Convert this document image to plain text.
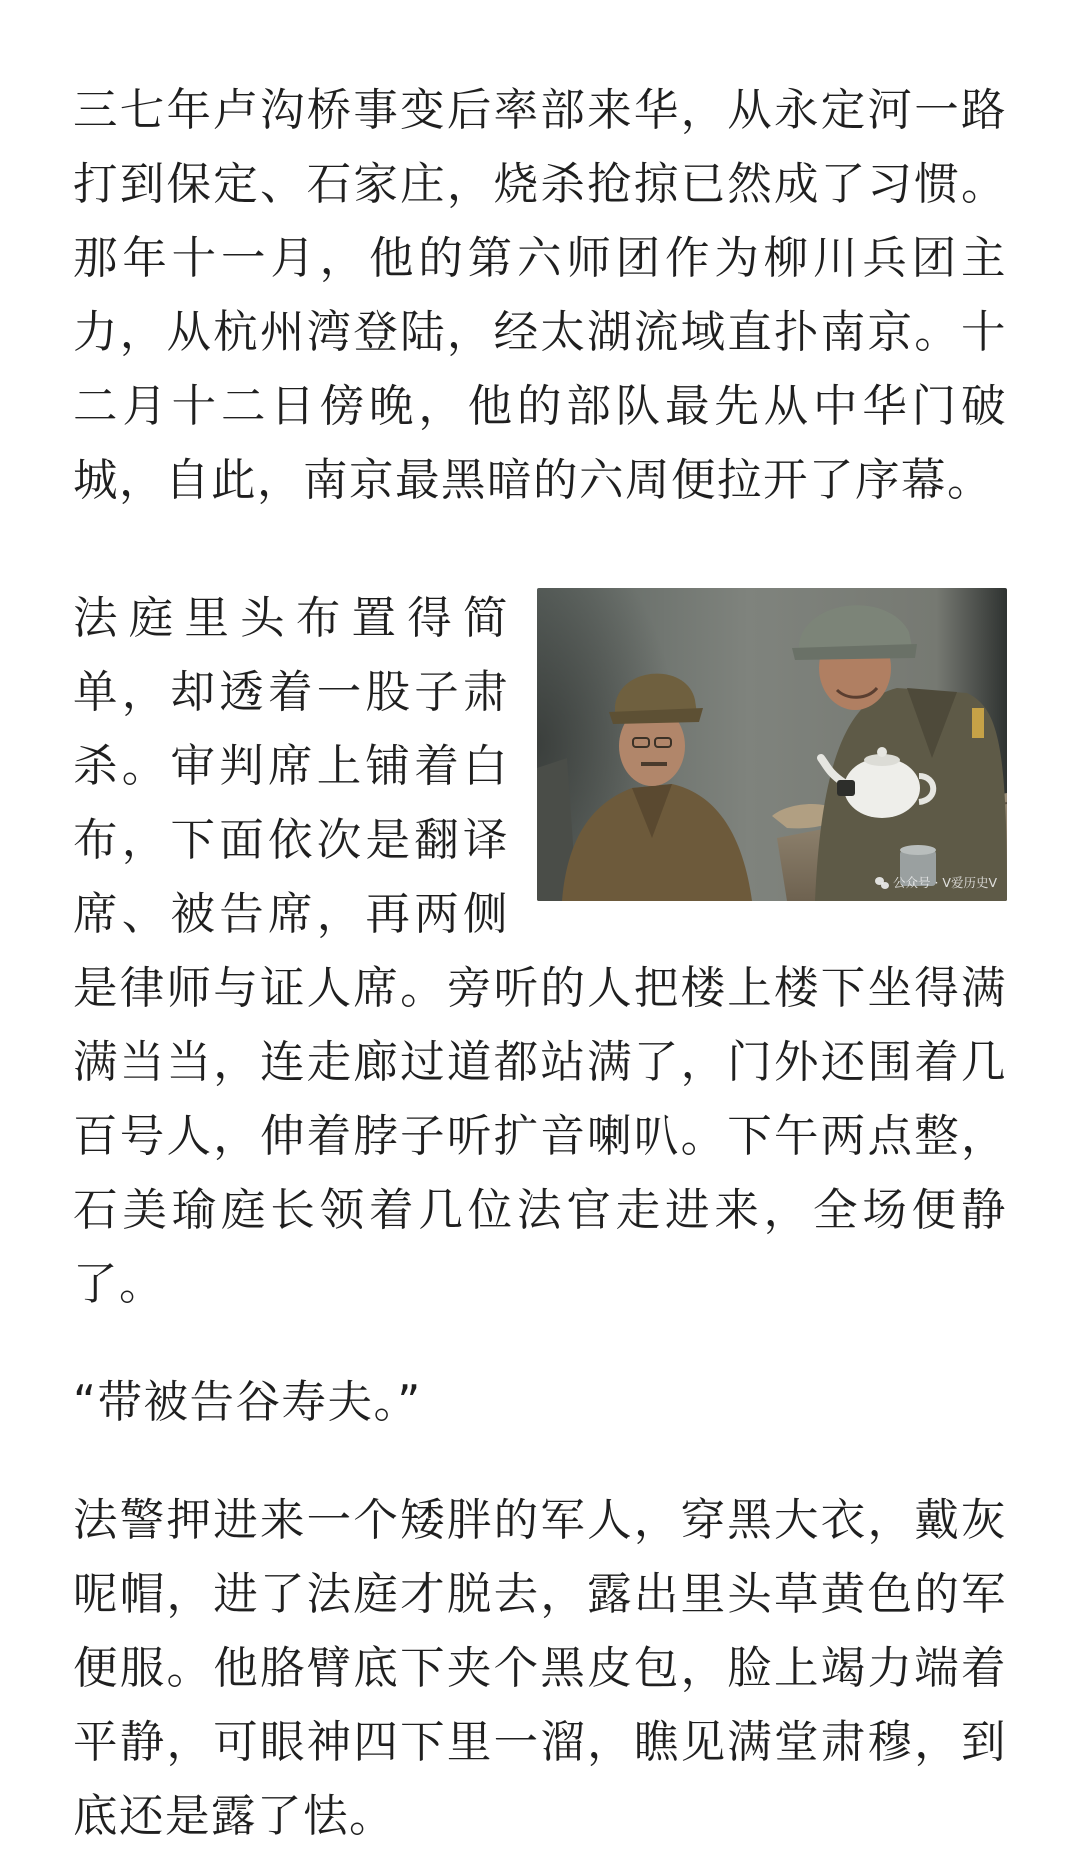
三七年卢沟桥事变后率部来华，从永定河一路打到保定、石家庄，烧杀抢掠已然成了习惯。那年十一月，他的第六师团作为柳川兵团主力，从杭州湾登陆，经太湖流域直扑南京。十二月十二日傍晚，他的部队最先从中华门破城，自此，南京最黑暗的六周便拉开了序幕。

公众号 · V爱历史V

法庭里头布置得简单，却透着一股子肃杀。审判席上铺着白布，下面依次是翻译席、被告席，再两侧是律师与证人席。旁听的人把楼上楼下坐得满满当当，连走廊过道都站满了，门外还围着几百号人，伸着脖子听扩音喇叭。下午两点整，石美瑜庭长领着几位法官走进来，全场便静了。

“带被告谷寿夫。”

法警押进来一个矮胖的军人，穿黑大衣，戴灰呢帽，进了法庭才脱去，露出里头草黄色的军便服。他胳臂底下夹个黑皮包，脸上竭力端着平静，可眼神四下里一溜，瞧见满堂肃穆，到底还是露了怯。
